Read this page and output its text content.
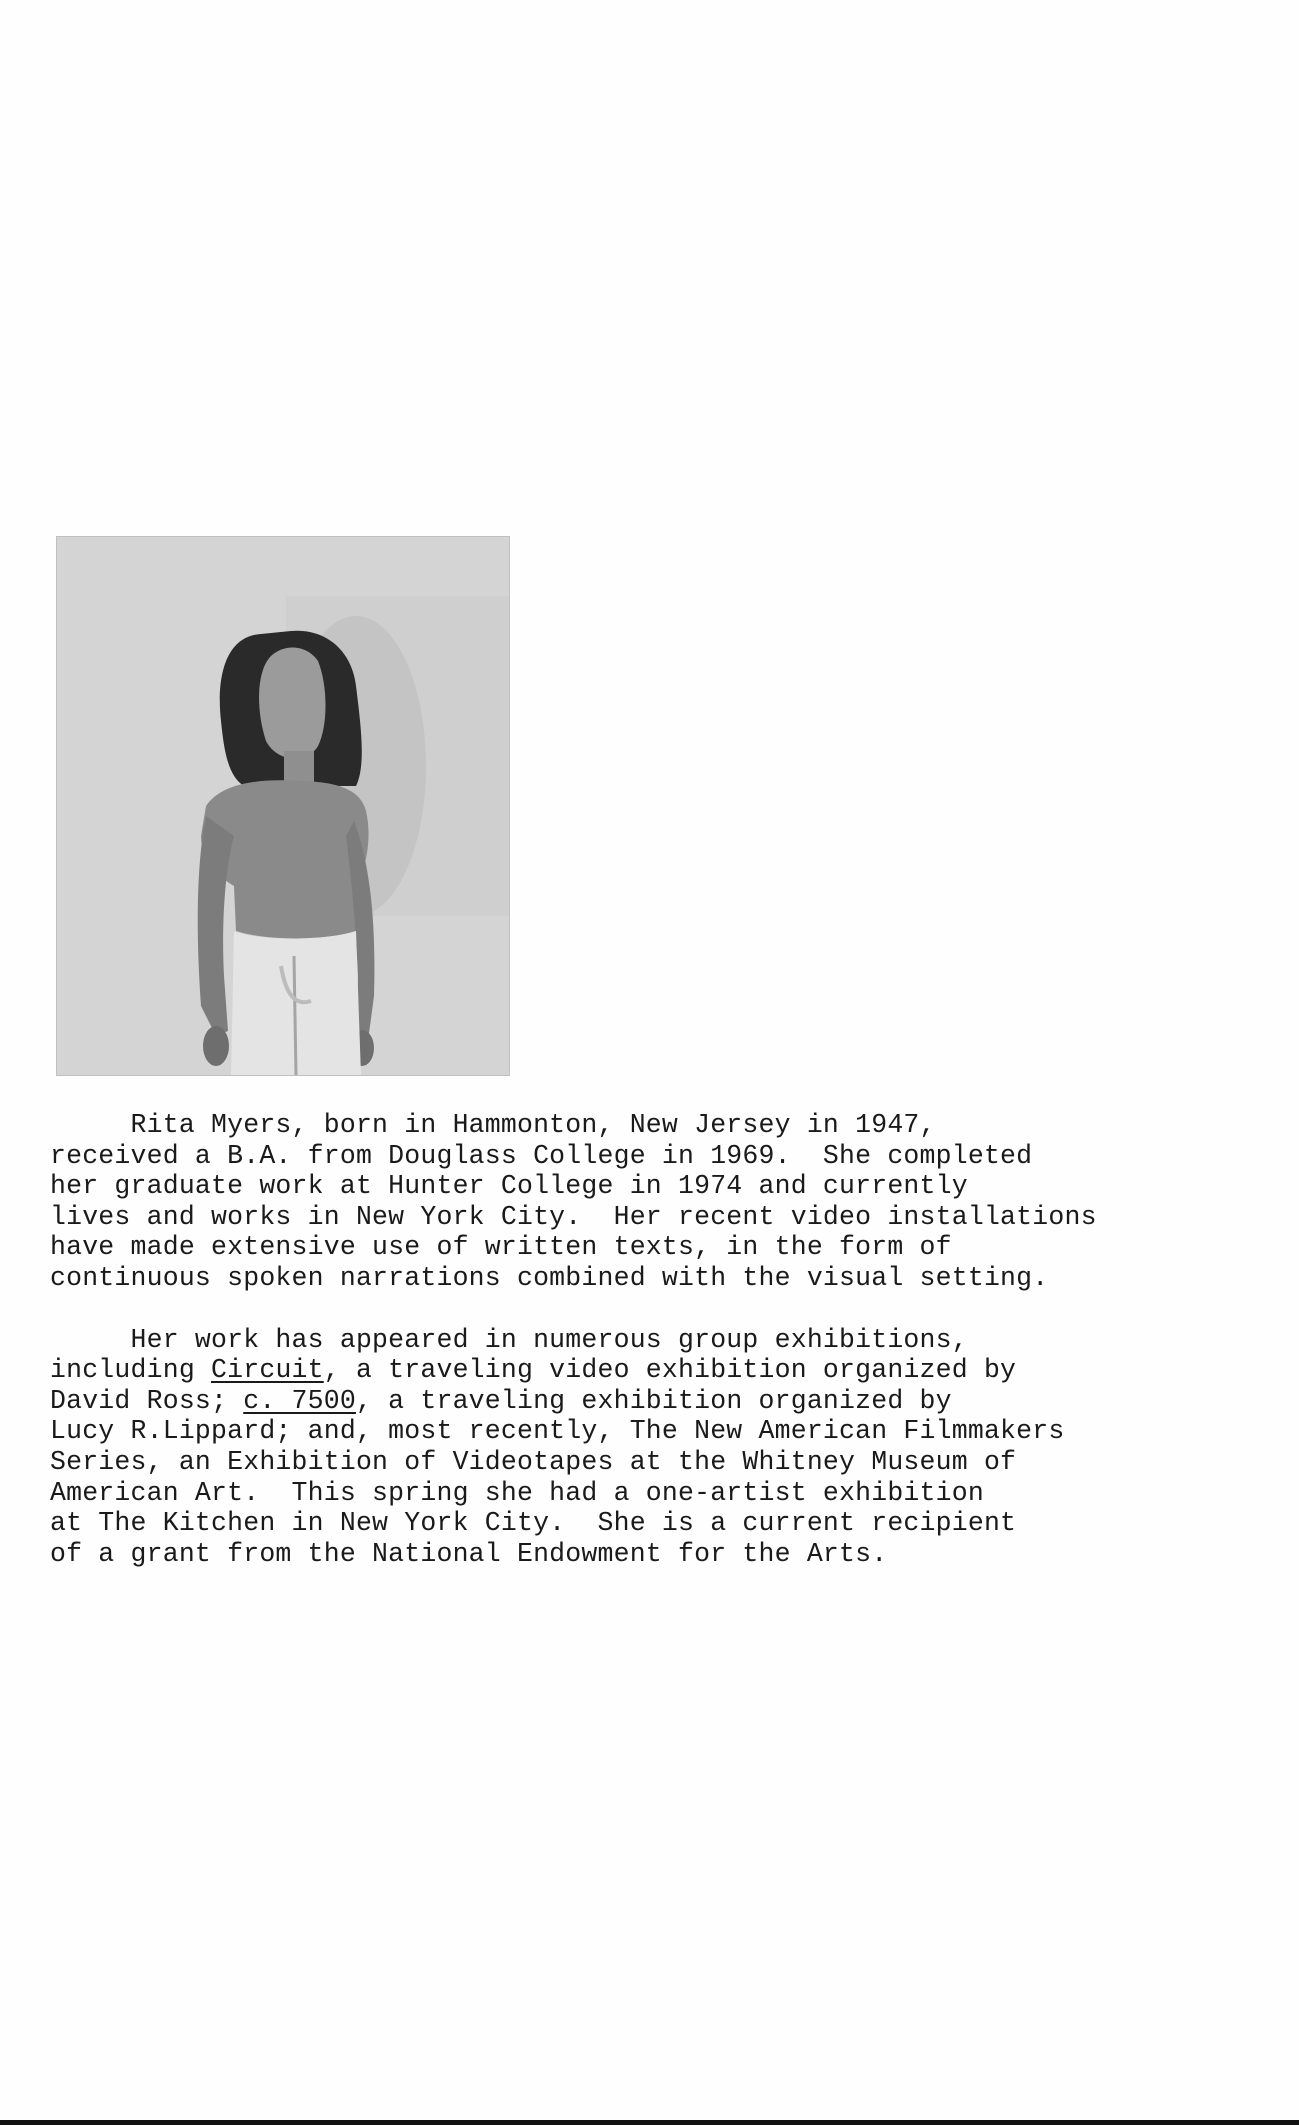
Rita Myers, born in Hammonton, New Jersey in 1947,
received a B.A. from Douglass College in 1969.  She completed
her graduate work at Hunter College in 1974 and currently
lives and works in New York City.  Her recent video installations
have made extensive use of written texts, in the form of
continuous spoken narrations combined with the visual setting.
Her work has appeared in numerous group exhibitions,
including Circuit, a traveling video exhibition organized by
David Ross; c. 7500, a traveling exhibition organized by
Lucy R.Lippard; and, most recently, The New American Filmmakers
Series, an Exhibition of Videotapes at the Whitney Museum of
American Art.  This spring she had a one-artist exhibition
at The Kitchen in New York City.  She is a current recipient
of a grant from the National Endowment for the Arts.
